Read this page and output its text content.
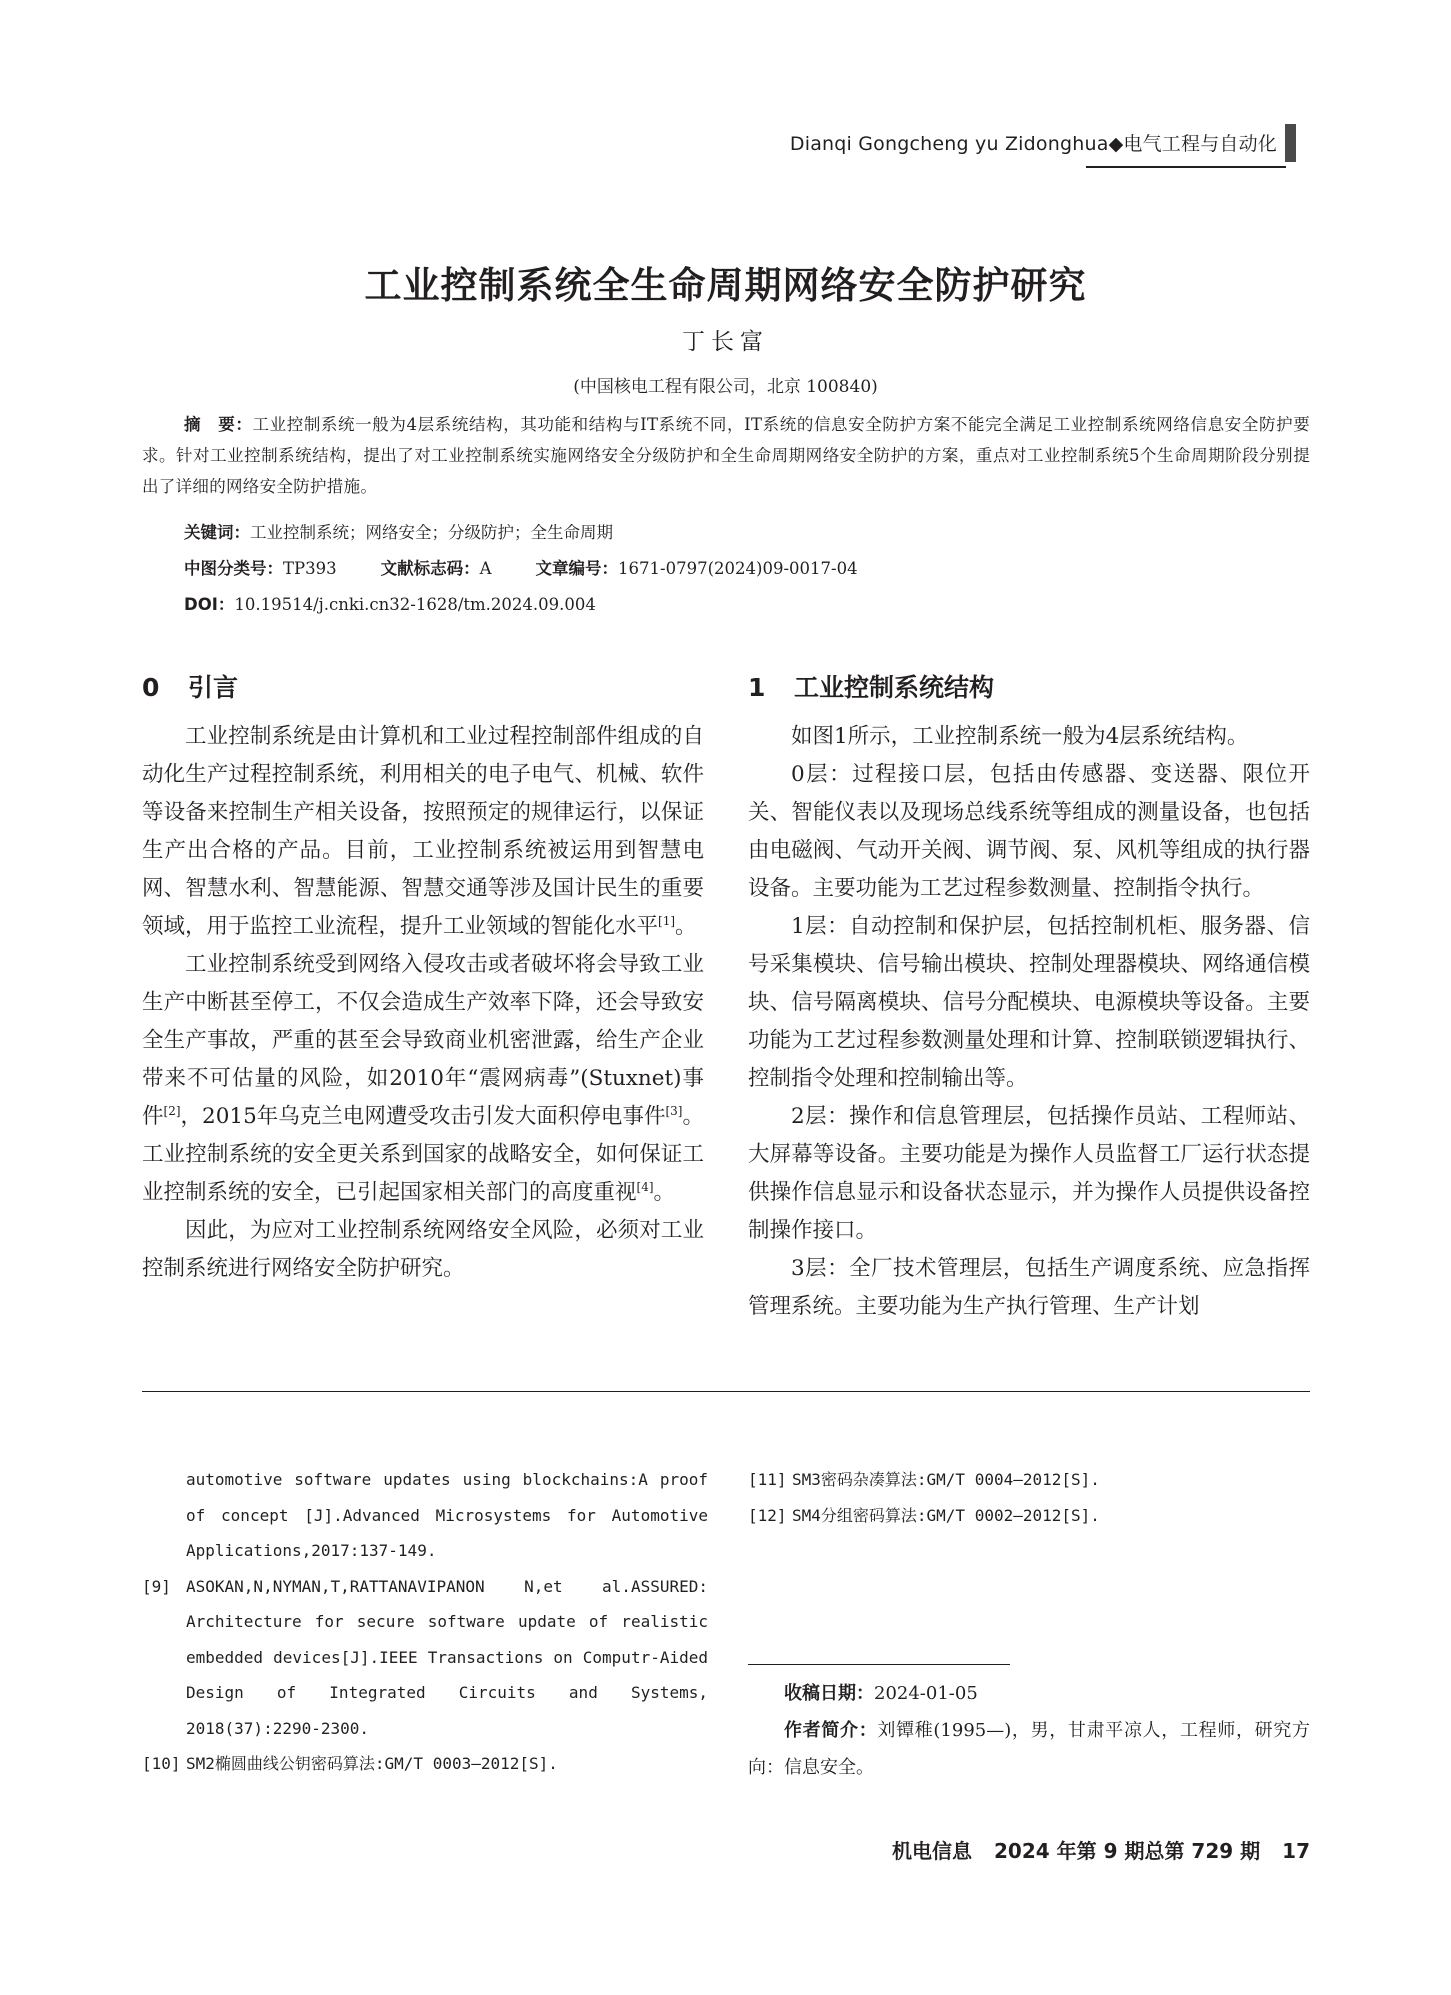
Dianqi Gongcheng yu Zidonghua◆电气工程与自动化
工业控制系统全生命周期网络安全防护研究
丁长富
(中国核电工程有限公司，北京 100840)
摘　要：工业控制系统一般为4层系统结构，其功能和结构与IT系统不同，IT系统的信息安全防护方案不能完全满足工业控制系统网络信息安全防护要求。针对工业控制系统结构，提出了对工业控制系统实施网络安全分级防护和全生命周期网络安全防护的方案，重点对工业控制系统5个生命周期阶段分别提出了详细的网络安全防护措施。
关键词：工业控制系统；网络安全；分级防护；全生命周期
中图分类号：TP393	文献标志码：A	文章编号：1671-0797(2024)09-0017-04
DOI：10.19514/j.cnki.cn32-1628/tm.2024.09.004
0 引言	1 工业控制系统结构

工业控制系统是由计算机和工业过程控制部件组成的自动化生产过程控制系统，利用相关的电子电气、机械、软件等设备来控制生产相关设备，按照预定的规律运行，以保证生产出合格的产品。目前，工业控制系统被运用到智慧电网、智慧水利、智慧能源、智慧交通等涉及国计民生的重要领域，用于监控工业流程，提升工业领域的智能化水平[1]。

工业控制系统受到网络入侵攻击或者破坏将会导致工业生产中断甚至停工，不仅会造成生产效率下降，还会导致安全生产事故，严重的甚至会导致商业机密泄露，给生产企业带来不可估量的风险，如2010年“震网病毒”(Stuxnet)事件[2]，2015年乌克兰电网遭受攻击引发大面积停电事件[3]。工业控制系统的安全更关系到国家的战略安全，如何保证工业控制系统的安全，已引起国家相关部门的高度重视[4]。

因此，为应对工业控制系统网络安全风险，必须对工业控制系统进行网络安全防护研究。

如图1所示，工业控制系统一般为4层系统结构。

0层：过程接口层，包括由传感器、变送器、限位开关、智能仪表以及现场总线系统等组成的测量设备，也包括由电磁阀、气动开关阀、调节阀、泵、风机等组成的执行器设备。主要功能为工艺过程参数测量、控制指令执行。

1层：自动控制和保护层，包括控制机柜、服务器、信号采集模块、信号输出模块、控制处理器模块、网络通信模块、信号隔离模块、信号分配模块、电源模块等设备。主要功能为工艺过程参数测量处理和计算、控制联锁逻辑执行、控制指令处理和控制输出等。

2层：操作和信息管理层，包括操作员站、工程师站、大屏幕等设备。主要功能是为操作人员监督工厂运行状态提供操作信息显示和设备状态显示，并为操作人员提供设备控制操作接口。

3层：全厂技术管理层，包括生产调度系统、应急指挥管理系统。主要功能为生产执行管理、生产计划

automotive software updates using blockchains:A proof of concept [J].Advanced Microsystems for Automotive Applications,2017:137-149.
[9] ASOKAN,N,NYMAN,T,RATTANAVIPANON N,et al.ASSURED: Architecture for secure software update of realistic embedded devices[J].IEEE Transactions on Computr-Aided Design of Integrated Circuits and Systems, 2018(37):2290-2300.
[10] SM2椭圆曲线公钥密码算法:GM/T 0003—2012[S].
[11] SM3密码杂凑算法:GM/T 0004—2012[S].
[12] SM4分组密码算法:GM/T 0002—2012[S].

收稿日期：2024-01-05

作者简介：刘镡稚(1995—)，男，甘肃平凉人，工程师，研究方向：信息安全。

机电信息 2024 年第 9 期总第 729 期 17
